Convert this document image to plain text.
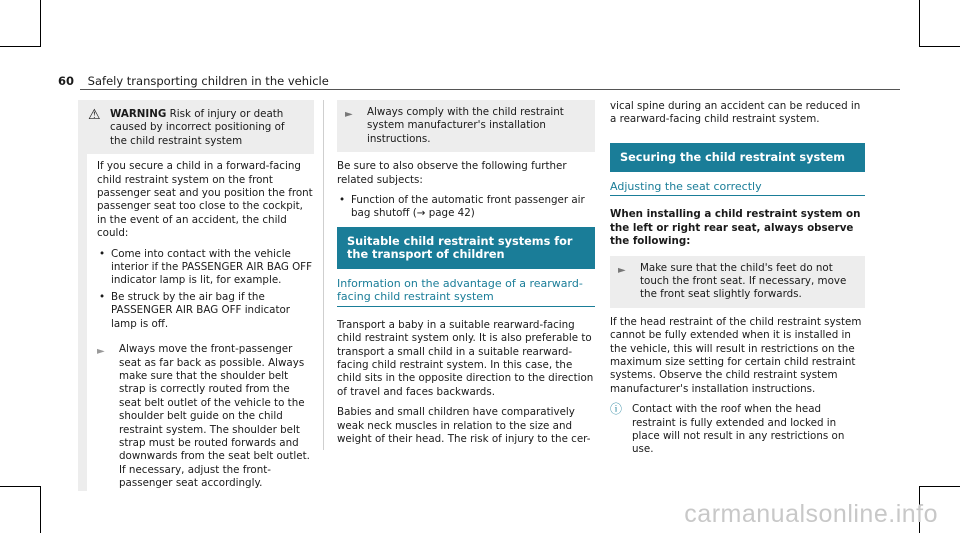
60 Safely transporting children in the vehicle
⚠ WARNING Risk of injury or death caused by incorrect positioning of the child restraint system

If you secure a child in a forward-facing child restraint system on the front passenger seat and you position the front passenger seat too close to the cockpit, in the event of an accident, the child could:

• Come into contact with the vehicle interior if the PASSENGER AIR BAG OFF indicator lamp is lit, for example.
• Be struck by the air bag if the PASSENGER AIR BAG OFF indicator lamp is off.
►	Always move the front-passenger seat as far back as possible. Always make sure that the shoulder belt strap is correctly routed from the seat belt outlet of the vehicle to the shoulder belt guide on the child restraint system. The shoulder belt strap must be routed forwards and downwards from the seat belt outlet. If necessary, adjust the front-passenger seat accordingly.
►	Always comply with the child restraint system manufacturer's installation instructions.

Be sure to also observe the following further related subjects:

• Function of the automatic front passenger air bag shutoff (→ page 42)
Suitable child restraint systems for the transport of children
Information on the advantage of a rearward-facing child restraint system

Transport a baby in a suitable rearward-facing child restraint system only. It is also preferable to transport a small child in a suitable rearward-facing child restraint system. In this case, the child sits in the opposite direction to the direction of travel and faces backwards.

Babies and small children have comparatively weak neck muscles in relation to the size and weight of their head. The risk of injury to the cer-

vical spine during an accident can be reduced in a rearward-facing child restraint system.

Securing the child restraint system
Adjusting the seat correctly

When installing a child restraint system on the left or right rear seat, always observe the following:

►	Make sure that the child's feet do not touch the front seat. If necessary, move the front seat slightly forwards.

If the head restraint of the child restraint system cannot be fully extended when it is installed in the vehicle, this will result in restrictions on the maximum size setting for certain child restraint systems. Observe the child restraint system manufacturer's installation instructions.

ⓘ Contact with the roof when the head restraint is fully extended and locked in place will not result in any restrictions on use.
carmanualsonline.info
